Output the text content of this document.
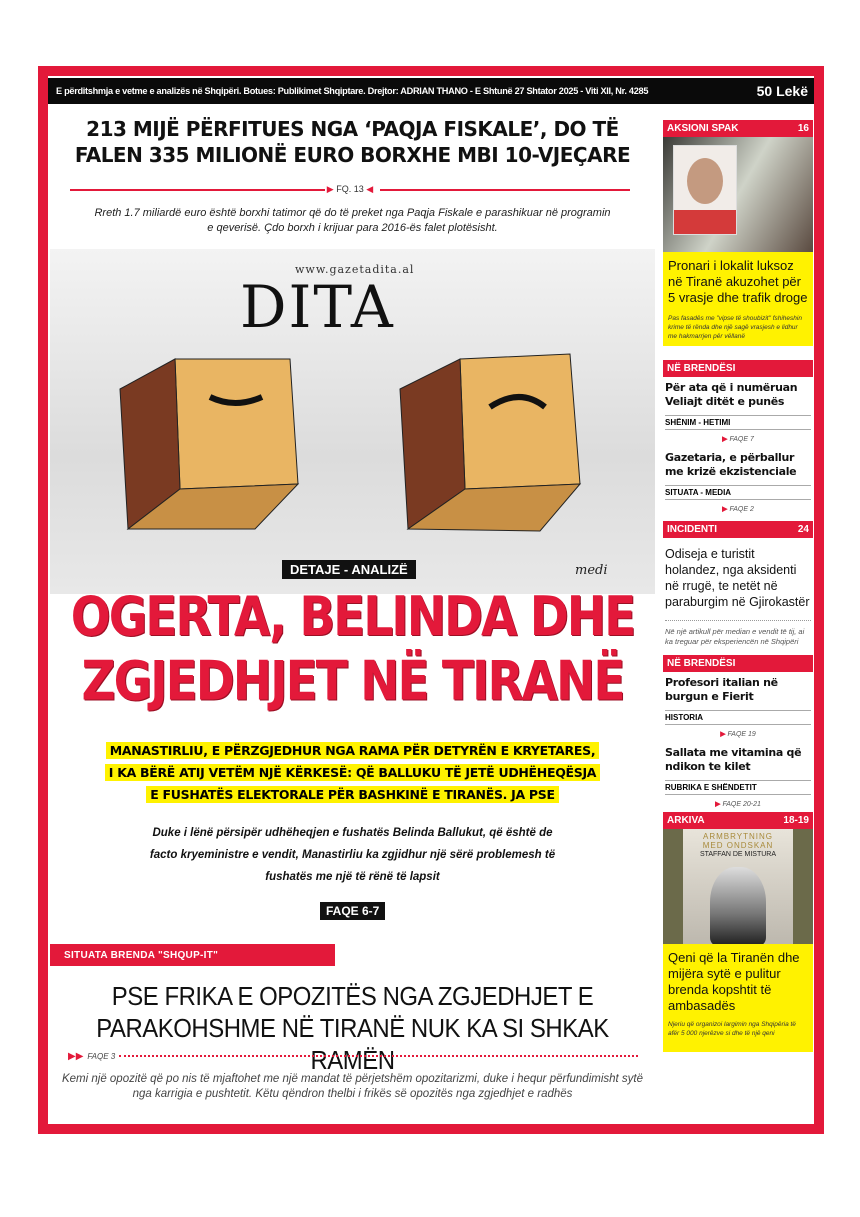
E përditshmja e vetme e analizës në Shqipëri. Botues: Publikimet Shqiptare. Drejtor: ADRIAN THANO - E Shtunë 27 Shtator 2025 - Viti XII, Nr. 4285	50 Lekë
213 MIJË PËRFITUES NGA ‘PAQJA FISKALE’, DO TË
FALEN 335 MILIONË EURO BORXHE MBI 10-VJEÇARE
▶ FQ. 13 ◀
Rreth 1.7 miliardë euro është borxhi tatimor që do të preket nga Paqja Fiskale e parashikuar në programin e qeverisë. Çdo borxh i krijuar para 2016-ës falet plotësisht.
www.gazetadita.al
DITA
medi
DETAJE - ANALIZË
OGERTA, BELINDA DHE
ZGJEDHJET NË TIRANË
MANASTIRLIU, E PËRZGJEDHUR NGA RAMA PËR DETYRËN E KRYETARES,
I KA BËRË ATIJ VETËM NJË KËRKESË: QË BALLUKU TË JETË UDHËHEQËSJA
E FUSHATËS ELEKTORALE PËR BASHKINË E TIRANËS. JA PSE
Duke i lënë përsipër udhëheqjen e fushatës Belinda Ballukut, që është de facto kryeministre e vendit, Manastirliu ka zgjidhur një sërë problemesh të fushatës me një të rënë të lapsit
FAQE 6-7
SITUATA BRENDA "SHQUP-IT"
PSE FRIKA E OPOZITËS NGA ZGJEDHJET E
PARAKOHSHME NË TIRANË NUK KA SI SHKAK RAMËN
▶▶ FAQE 3
Kemi një opozitë që po nis të mjaftohet me një mandat të përjetshëm opozitarizmi, duke i hequr përfundimisht sytë nga karrigia e pushtetit. Këtu qëndron thelbi i frikës së opozitës nga zgjedhjet e radhës
AKSIONI SPAK	16
Pronari i lokalit luksoz në Tiranë akuzohet për 5 vrasje dhe trafik droge
Pas fasadës me "vipse të shoubizit" fshiheshin krime të rënda dhe një sagë vrasjesh e lidhur me hakmarrjen për vëllanë
NË BRENDËSI
Për ata që i numëruan Veliajt ditët e punës
SHËNIM - HETIMI
▶ FAQE 7
Gazetaria, e përballur me krizë ekzistenciale
SITUATA - MEDIA
▶ FAQE 2
INCIDENTI	24
Odiseja e turistit holandez, nga aksidenti në rrugë, te netët në paraburgim në Gjirokastër
Në një artikull për median e vendit të tij, ai ka treguar për eksperiencën në Shqipëri
NË BRENDËSI
Profesori italian në burgun e Fierit
HISTORIA
▶ FAQE 19
Sallata me vitamina që ndikon te kilet
RUBRIKA E SHËNDETIT
▶ FAQE 20-21
ARKIVA	18-19
ARMBRYTNING
MED ONDSKAN
STAFFAN DE MISTURA
Qeni që la Tiranën dhe mijëra sytë e pulitur brenda kopshtit të ambasadës
Njeriu që organizoi largimin nga Shqipëria të afër 5 000 njerëzve si dhe të një qeni
